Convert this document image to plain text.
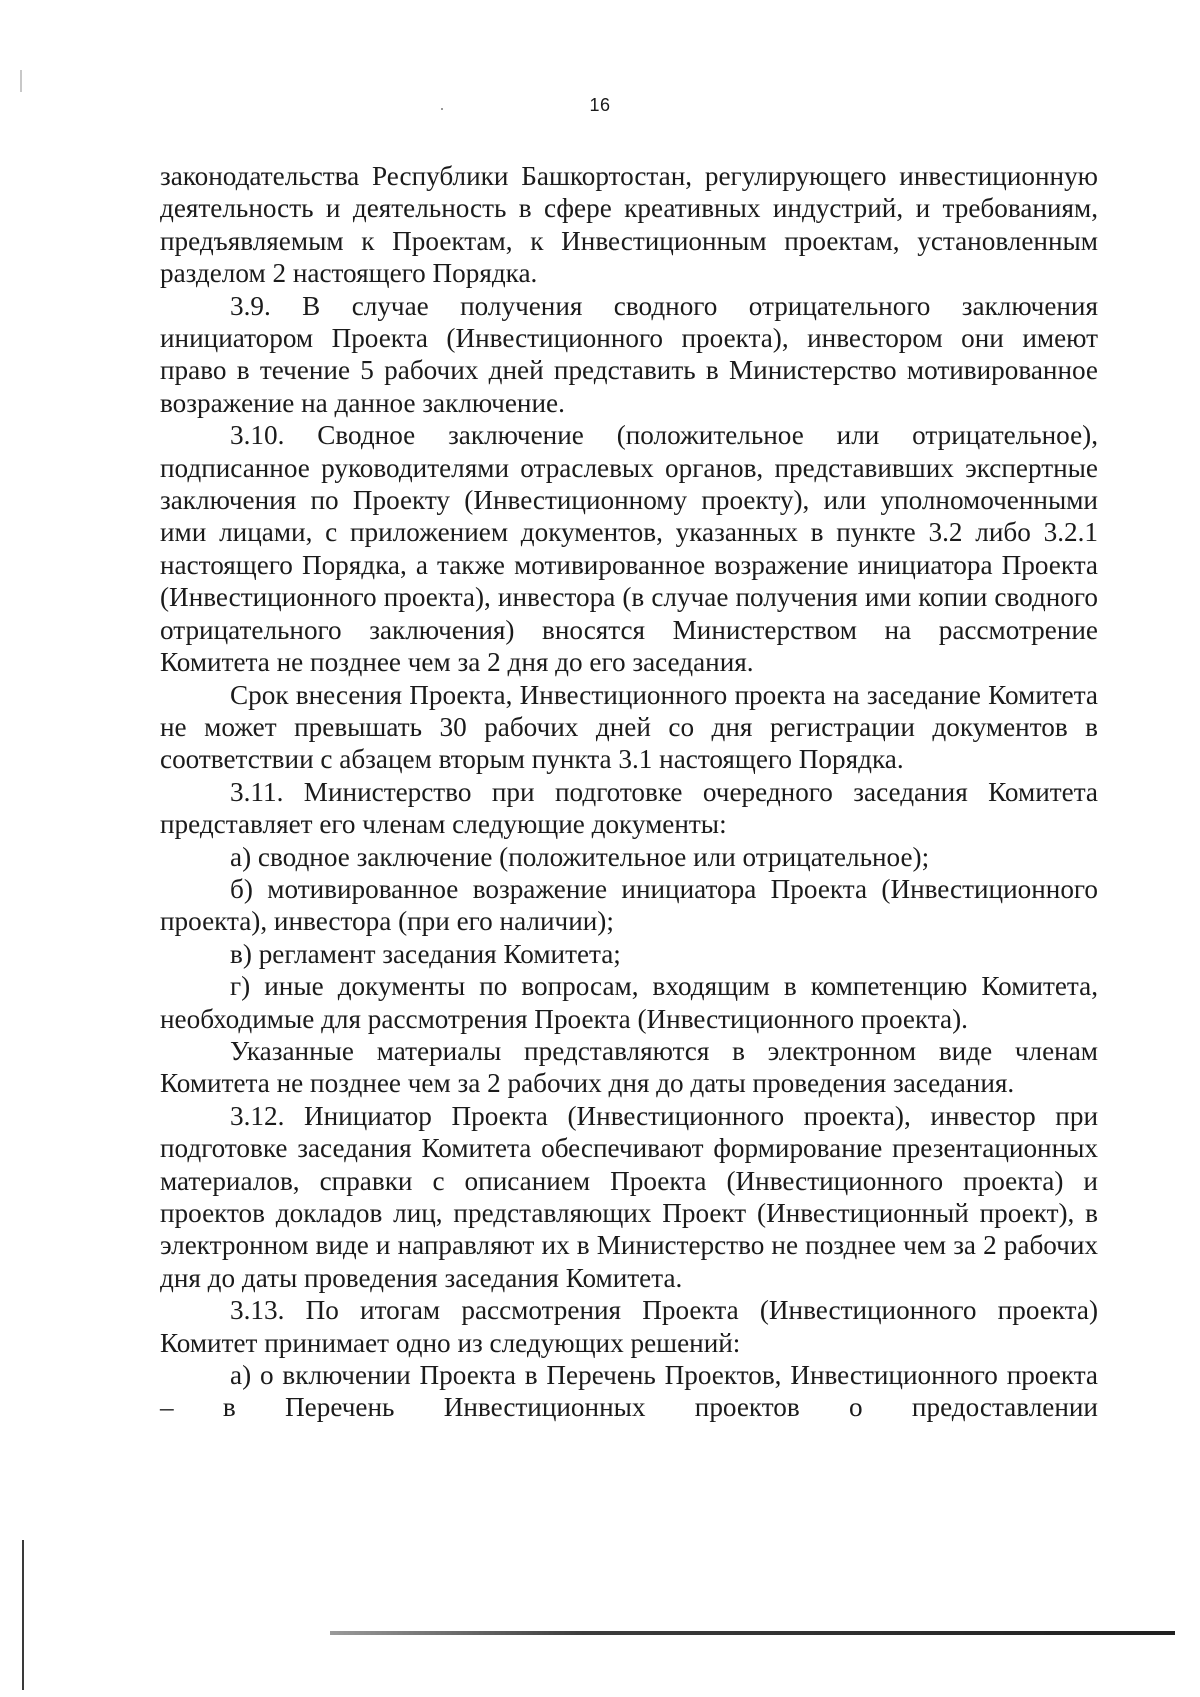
16

законодательства Республики Башкортостан, регулирующего инвестиционную деятельность и деятельность в сфере креативных индустрий, и требованиям, предъявляемым к Проектам, к Инвестиционным проектам, установленным разделом 2 настоящего Порядка.

3.9. В случае получения сводного отрицательного заключения инициатором Проекта (Инвестиционного проекта), инвестором они имеют право в течение 5 рабочих дней представить в Министерство мотивированное возражение на данное заключение.

3.10. Сводное заключение (положительное или отрицательное), подписанное руководителями отраслевых органов, представивших экспертные заключения по Проекту (Инвестиционному проекту), или уполномоченными ими лицами, с приложением документов, указанных в пункте 3.2 либо 3.2.1 настоящего Порядка, а также мотивированное возражение инициатора Проекта (Инвестиционного проекта), инвестора (в случае получения ими копии сводного отрицательного заключения) вносятся Министерством на рассмотрение Комитета не позднее чем за 2 дня до его заседания.

Срок внесения Проекта, Инвестиционного проекта на заседание Комитета не может превышать 30 рабочих дней со дня регистрации документов в соответствии с абзацем вторым пункта 3.1 настоящего Порядка.

3.11. Министерство при подготовке очередного заседания Комитета представляет его членам следующие документы:

а) сводное заключение (положительное или отрицательное);

б) мотивированное возражение инициатора Проекта (Инвестиционного проекта), инвестора (при его наличии);

в) регламент заседания Комитета;

г) иные документы по вопросам, входящим в компетенцию Комитета, необходимые для рассмотрения Проекта (Инвестиционного проекта).

Указанные материалы представляются в электронном виде членам Комитета не позднее чем за 2 рабочих дня до даты проведения заседания.

3.12. Инициатор Проекта (Инвестиционного проекта), инвестор при подготовке заседания Комитета обеспечивают формирование презентационных материалов, справки с описанием Проекта (Инвестиционного проекта) и проектов докладов лиц, представляющих Проект (Инвестиционный проект), в электронном виде и направляют их в Министерство не позднее чем за 2 рабочих дня до даты проведения заседания Комитета.

3.13. По итогам рассмотрения Проекта (Инвестиционного проекта) Комитет принимает одно из следующих решений:

а) о включении Проекта в Перечень Проектов, Инвестиционного проекта – в Перечень Инвестиционных проектов о предоставлении
